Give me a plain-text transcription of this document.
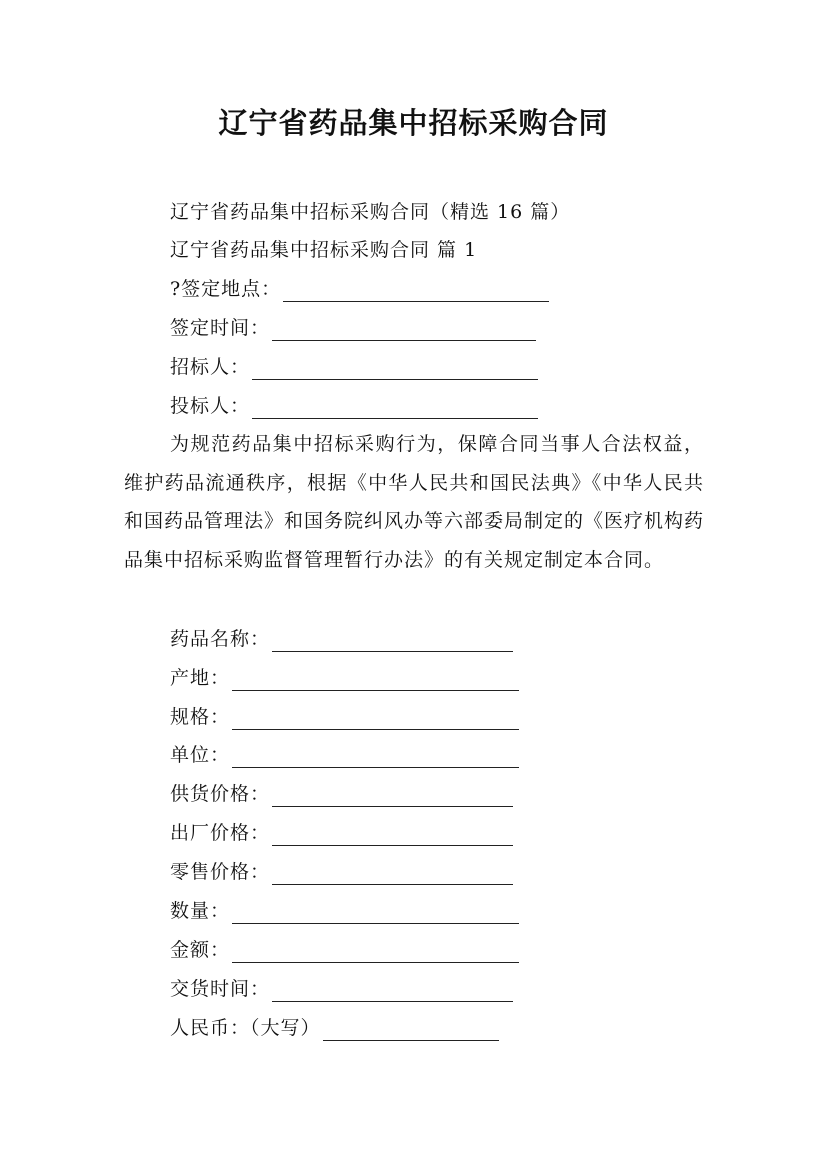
辽宁省药品集中招标采购合同
辽宁省药品集中招标采购合同（精选 16 篇）
辽宁省药品集中招标采购合同 篇 1
?签定地点：
签定时间：
招标人：
投标人：
为规范药品集中招标采购行为，保障合同当事人合法权益，维护药品流通秩序，根据《中华人民共和国民法典》《中华人民共和国药品管理法》和国务院纠风办等六部委局制定的《医疗机构药品集中招标采购监督管理暂行办法》的有关规定制定本合同。
药品名称：
产地：
规格：
单位：
供货价格：
出厂价格：
零售价格：
数量：
金额：
交货时间：
人民币：（大写）
